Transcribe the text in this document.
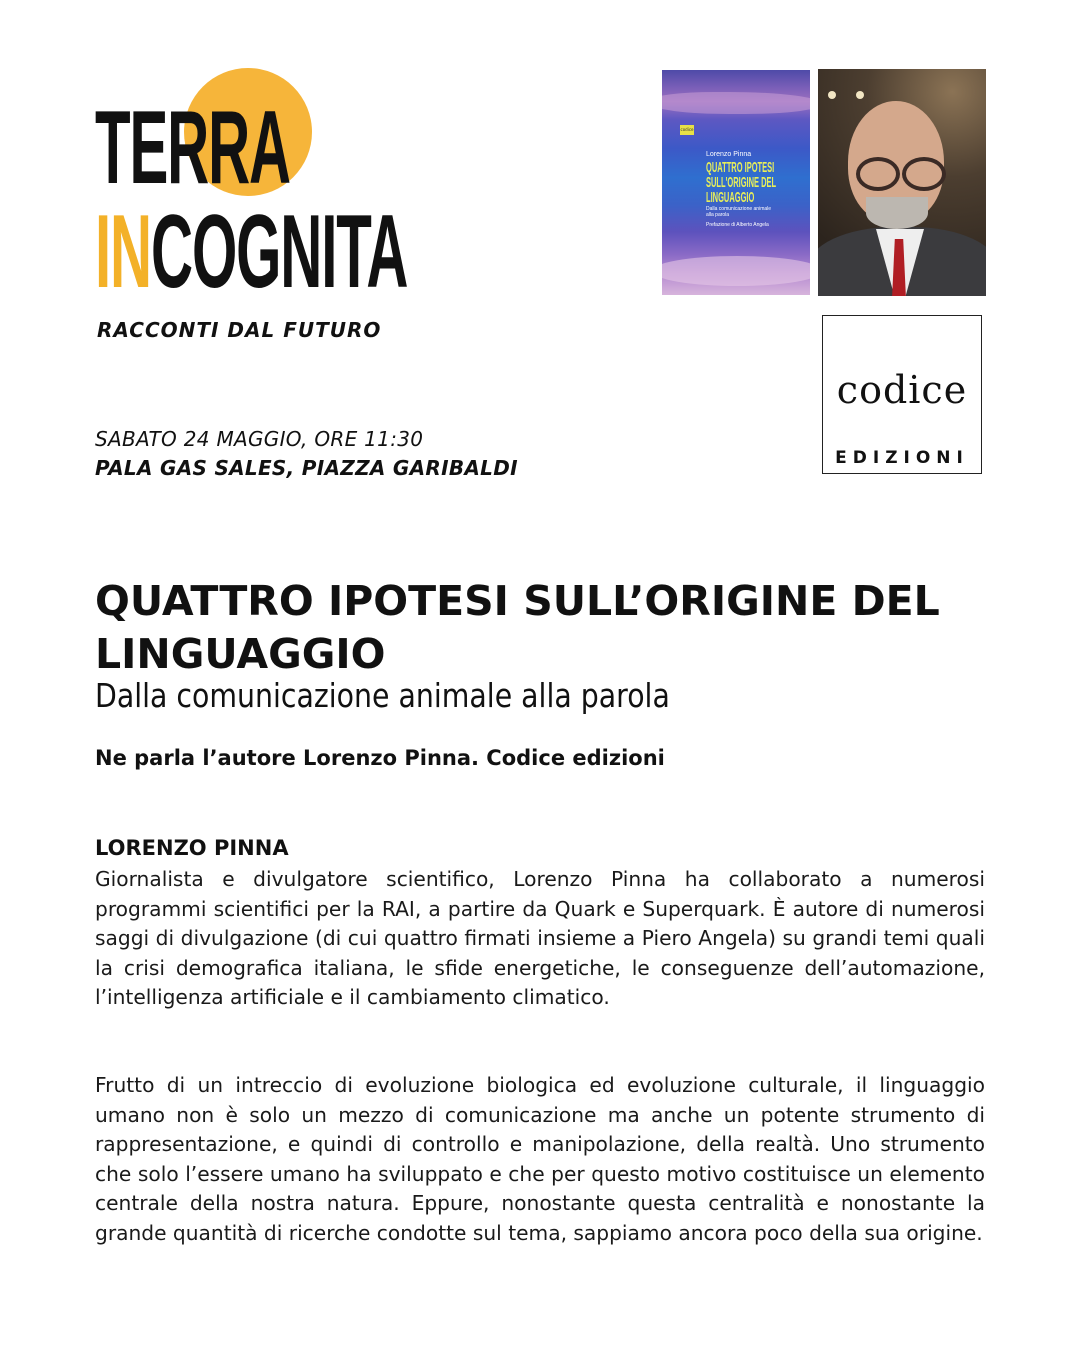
TERRA
INCOGNITA
RACCONTI DAL FUTURO
codice
Lorenzo Pinna
QUATTRO IPOTESI SULL'ORIGINE DEL LINGUAGGIO
Dalla comunicazione animale alla parola
Prefazione di Alberto Angela
codice
EDIZIONI
SABATO 24 MAGGIO, ORE 11:30
PALA GAS SALES, PIAZZA GARIBALDI
QUATTRO IPOTESI SULL’ORIGINE DEL LINGUAGGIO
Dalla comunicazione animale alla parola
Ne parla l’autore Lorenzo Pinna. Codice edizioni
LORENZO PINNA
Giornalista e divulgatore scientifico, Lorenzo Pinna ha collaborato a numerosi programmi scientifici per la RAI, a partire da Quark e Superquark. È autore di numerosi saggi di divulgazione (di cui quattro firmati insieme a Piero Angela) su grandi temi quali la crisi demografica italiana, le sfide energetiche, le conseguenze dell’automazione, l’intelligenza artificiale e il cambiamento climatico.
Frutto di un intreccio di evoluzione biologica ed evoluzione culturale, il linguaggio umano non è solo un mezzo di comunicazione ma anche un potente strumento di rappresentazione, e quindi di controllo e manipolazione, della realtà. Uno strumento che solo l’essere umano ha sviluppato e che per questo motivo costituisce un elemento centrale della nostra natura. Eppure, nonostante questa centralità e nonostante la grande quantità di ricerche condotte sul tema, sappiamo ancora poco della sua origine.
